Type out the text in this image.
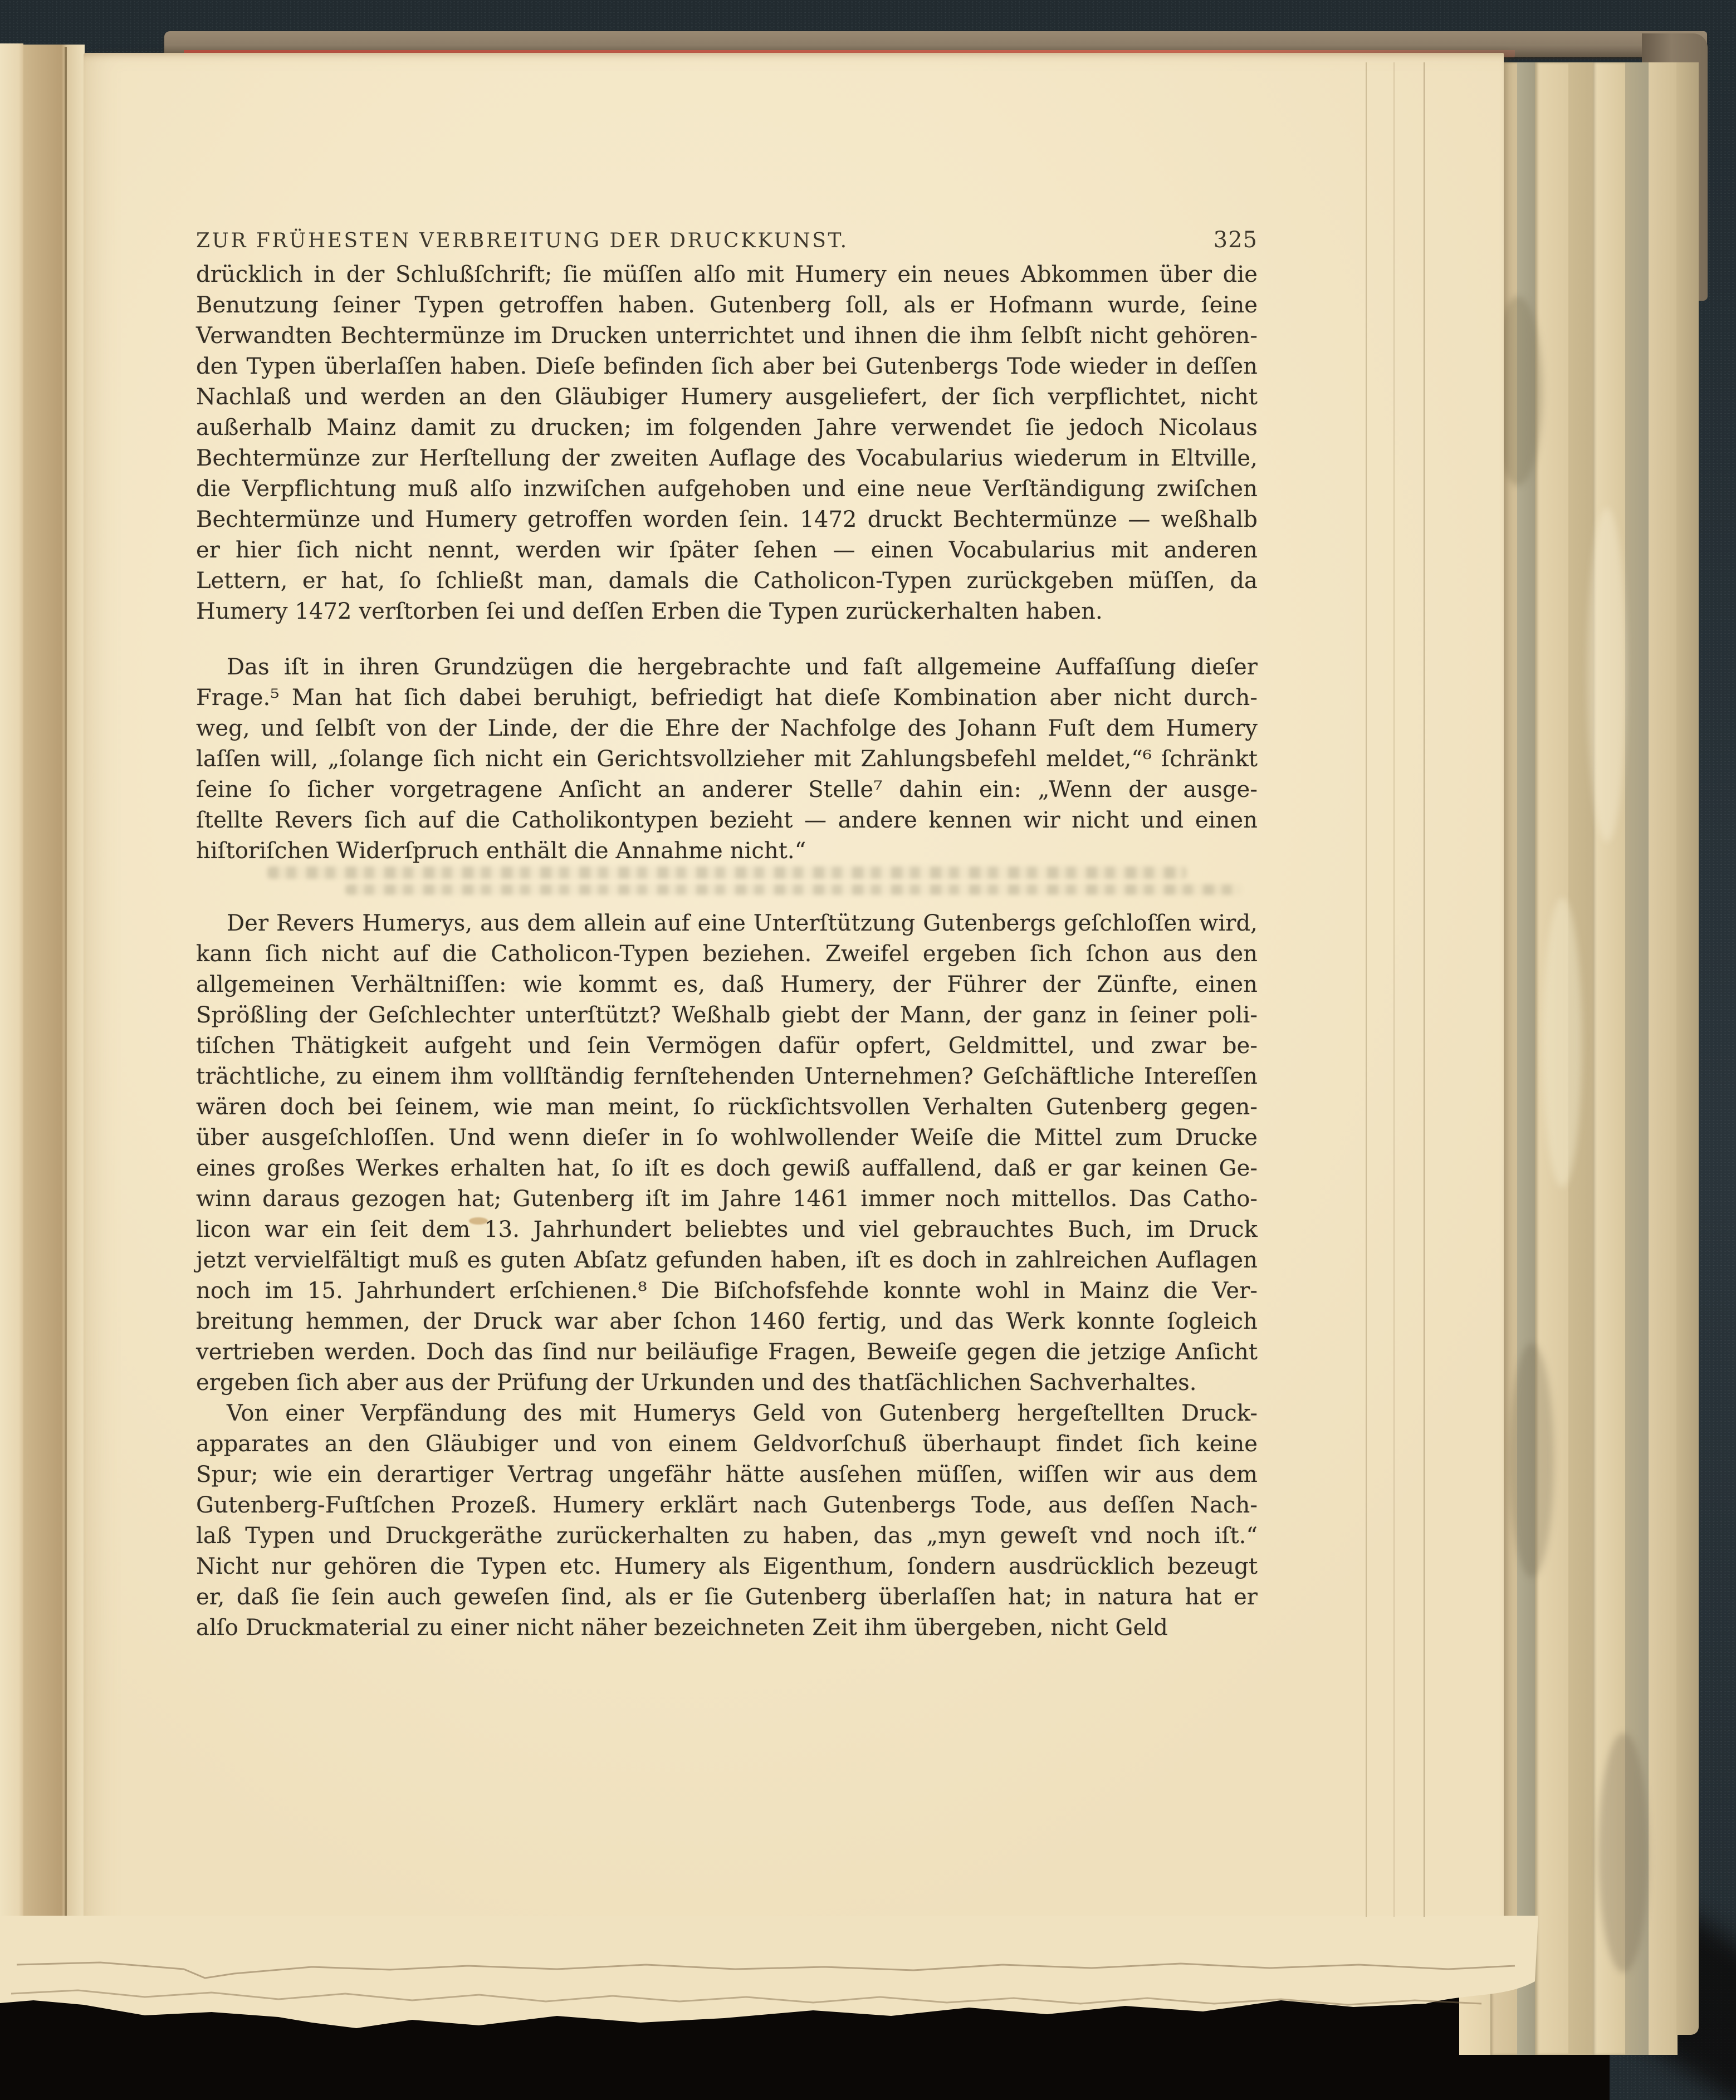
ZUR FRÜHESTEN VERBREITUNG DER DRUCKKUNST.	325
drücklich in der Schlußſchrift; ſie müſſen alſo mit Humery ein neues Abkommen über die
Benutzung ſeiner Typen getroffen haben. Gutenberg ſoll, als er Hofmann wurde, ſeine
Verwandten Bechtermünze im Drucken unterrichtet und ihnen die ihm ſelbſt nicht gehören-
den Typen überlaſſen haben. Dieſe befinden ſich aber bei Gutenbergs Tode wieder in deſſen
Nachlaß und werden an den Gläubiger Humery ausgeliefert, der ſich verpflichtet, nicht
außerhalb Mainz damit zu drucken; im folgenden Jahre verwendet ſie jedoch Nicolaus
Bechtermünze zur Herſtellung der zweiten Auflage des Vocabularius wiederum in Eltville,
die Verpflichtung muß alſo inzwiſchen aufgehoben und eine neue Verſtändigung zwiſchen
Bechtermünze und Humery getroffen worden ſein. 1472 druckt Bechtermünze — weßhalb
er hier ſich nicht nennt, werden wir ſpäter ſehen — einen Vocabularius mit anderen
Lettern, er hat, ſo ſchließt man, damals die Catholicon-Typen zurückgeben müſſen, da
Humery 1472 verſtorben ſei und deſſen Erben die Typen zurückerhalten haben.
Das iſt in ihren Grundzügen die hergebrachte und faſt allgemeine Auffaſſung dieſer
Frage.⁵ Man hat ſich dabei beruhigt, befriedigt hat dieſe Kombination aber nicht durch-
weg, und ſelbſt von der Linde, der die Ehre der Nachfolge des Johann Fuſt dem Humery
laſſen will, „ſolange ſich nicht ein Gerichtsvollzieher mit Zahlungsbefehl meldet,“⁶ ſchränkt
ſeine ſo ſicher vorgetragene Anſicht an anderer Stelle⁷ dahin ein: „Wenn der ausge-
ſtellte Revers ſich auf die Catholikontypen bezieht — andere kennen wir nicht und einen
hiſtoriſchen Widerſpruch enthält die Annahme nicht.“
Der Revers Humerys, aus dem allein auf eine Unterſtützung Gutenbergs geſchloſſen wird,
kann ſich nicht auf die Catholicon-Typen beziehen. Zweifel ergeben ſich ſchon aus den
allgemeinen Verhältniſſen: wie kommt es, daß Humery, der Führer der Zünfte, einen
Sprößling der Geſchlechter unterſtützt? Weßhalb giebt der Mann, der ganz in ſeiner poli-
tiſchen Thätigkeit aufgeht und ſein Vermögen dafür opfert, Geldmittel, und zwar be-
trächtliche, zu einem ihm vollſtändig fernſtehenden Unternehmen? Geſchäftliche Intereſſen
wären doch bei ſeinem, wie man meint, ſo rückſichtsvollen Verhalten Gutenberg gegen-
über ausgeſchloſſen. Und wenn dieſer in ſo wohlwollender Weiſe die Mittel zum Drucke
eines großes Werkes erhalten hat, ſo iſt es doch gewiß auffallend, daß er gar keinen Ge-
winn daraus gezogen hat; Gutenberg iſt im Jahre 1461 immer noch mittellos. Das Catho-
licon war ein ſeit dem 13. Jahrhundert beliebtes und viel gebrauchtes Buch, im Druck
jetzt vervielfältigt muß es guten Abſatz gefunden haben, iſt es doch in zahlreichen Auflagen
noch im 15. Jahrhundert erſchienen.⁸ Die Biſchofsfehde konnte wohl in Mainz die Ver-
breitung hemmen, der Druck war aber ſchon 1460 fertig, und das Werk konnte ſogleich
vertrieben werden. Doch das ſind nur beiläufige Fragen, Beweiſe gegen die jetzige Anſicht
ergeben ſich aber aus der Prüfung der Urkunden und des thatſächlichen Sachverhaltes.
Von einer Verpfändung des mit Humerys Geld von Gutenberg hergeſtellten Druck-
apparates an den Gläubiger und von einem Geldvorſchuß überhaupt findet ſich keine
Spur; wie ein derartiger Vertrag ungefähr hätte ausſehen müſſen, wiſſen wir aus dem
Gutenberg-Fuſtſchen Prozeß. Humery erklärt nach Gutenbergs Tode, aus deſſen Nach-
laß Typen und Druckgeräthe zurückerhalten zu haben, das „myn geweſt vnd noch iſt.“
Nicht nur gehören die Typen etc. Humery als Eigenthum, ſondern ausdrücklich bezeugt
er, daß ſie ſein auch geweſen ſind, als er ſie Gutenberg überlaſſen hat; in natura hat er
alſo Druckmaterial zu einer nicht näher bezeichneten Zeit ihm übergeben, nicht Geld
